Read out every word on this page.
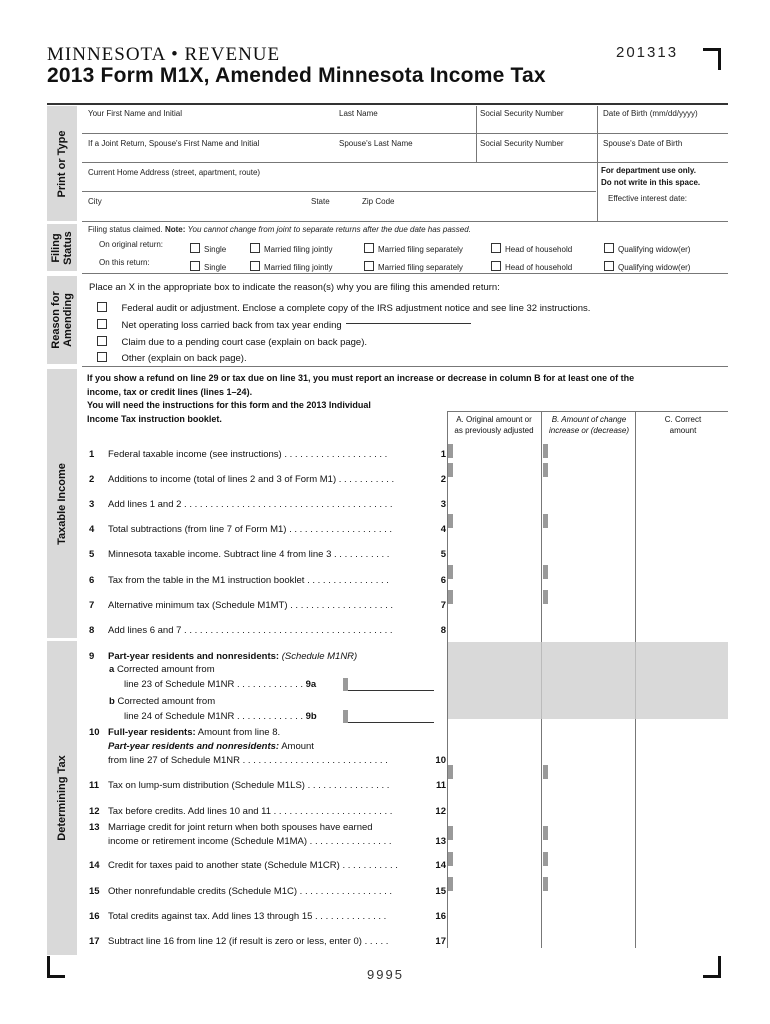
MINNESOTA • REVENUE
2013 Form M1X, Amended Minnesota Income Tax
201313
Print or Type
Filing Status
Reason for Amending
Taxable Income
Determining Tax
Your First Name and Initial	Last Name	Social Security Number	Date of Birth (mm/dd/yyyy)
If a Joint Return, Spouse's First Name and Initial	Spouse's Last Name	Social Security Number	Spouse's Date of Birth
Current Home Address (street, apartment, route)	For department use only.
Do not write in this space.
City	State	Zip Code	Effective interest date:
Filing status claimed. Note: You cannot change from joint to separate returns after the due date has passed.
On original return:
On this return:
Single	Married filing jointly	Married filing separately	Head of household	Qualifying widow(er)
Single	Married filing jointly	Married filing separately	Head of household	Qualifying widow(er)
Place an X in the appropriate box to indicate the reason(s) why you are filing this amended return:
Federal audit or adjustment. Enclose a complete copy of the IRS adjustment notice and see line 32 instructions.
Net operating loss carried back from tax year ending
Claim due to a pending court case (explain on back page).
Other (explain on back page).
If you show a refund on line 29 or tax due on line 31, you must report an increase or decrease in column B for at least one of the
income, tax or credit lines (lines 1–24).
You will need the instructions for this form and the 2013 Individual
Income Tax instruction booklet.	A. Original amount or
as previously adjusted
B. Amount of change
increase or (decrease)
C. Correct
amount
1 Federal taxable income (see instructions) . . . . . . . . . . . . . . . . . . . .	1
2 Additions to income (total of lines 2 and 3 of Form M1) . . . . . . . . . . .	2
3 Add lines 1 and 2 . . . . . . . . . . . . . . . . . . . . . . . . . . . . . . . . . . . . . . . .	3
4 Total subtractions (from line 7 of Form M1) . . . . . . . . . . . . . . . . . . . .	4
5 Minnesota taxable income. Subtract line 4 from line 3 . . . . . . . . . . .	5
6 Tax from the table in the M1 instruction booklet . . . . . . . . . . . . . . . .	6
7 Alternative minimum tax (Schedule M1MT) . . . . . . . . . . . . . . . . . . . .	7
8 Add lines 6 and 7 . . . . . . . . . . . . . . . . . . . . . . . . . . . . . . . . . . . . . . . .	8
9 Part-year residents and nonresidents: (Schedule M1NR)
a Corrected amount from
line 23 of Schedule M1NR . . . . . . . . . . . . . 9a
b Corrected amount from
line 24 of Schedule M1NR . . . . . . . . . . . . . 9b
10 Full-year residents: Amount from line 8.
Part-year residents and nonresidents: Amount
from line 27 of Schedule M1NR . . . . . . . . . . . . . . . . . . . . . . . . . . . .	10
11 Tax on lump-sum distribution (Schedule M1LS) . . . . . . . . . . . . . . . .	11
12 Tax before credits. Add lines 10 and 11 . . . . . . . . . . . . . . . . . . . . . . .	12
13 Marriage credit for joint return when both spouses have earned
income or retirement income (Schedule M1MA) . . . . . . . . . . . . . . . .	13
14 Credit for taxes paid to another state (Schedule M1CR) . . . . . . . . . . .	14
15 Other nonrefundable credits (Schedule M1C) . . . . . . . . . . . . . . . . . .	15
16 Total credits against tax. Add lines 13 through 15 . . . . . . . . . . . . . .	16
17 Subtract line 16 from line 12 (if result is zero or less, enter 0) . . . . .	17
9995
